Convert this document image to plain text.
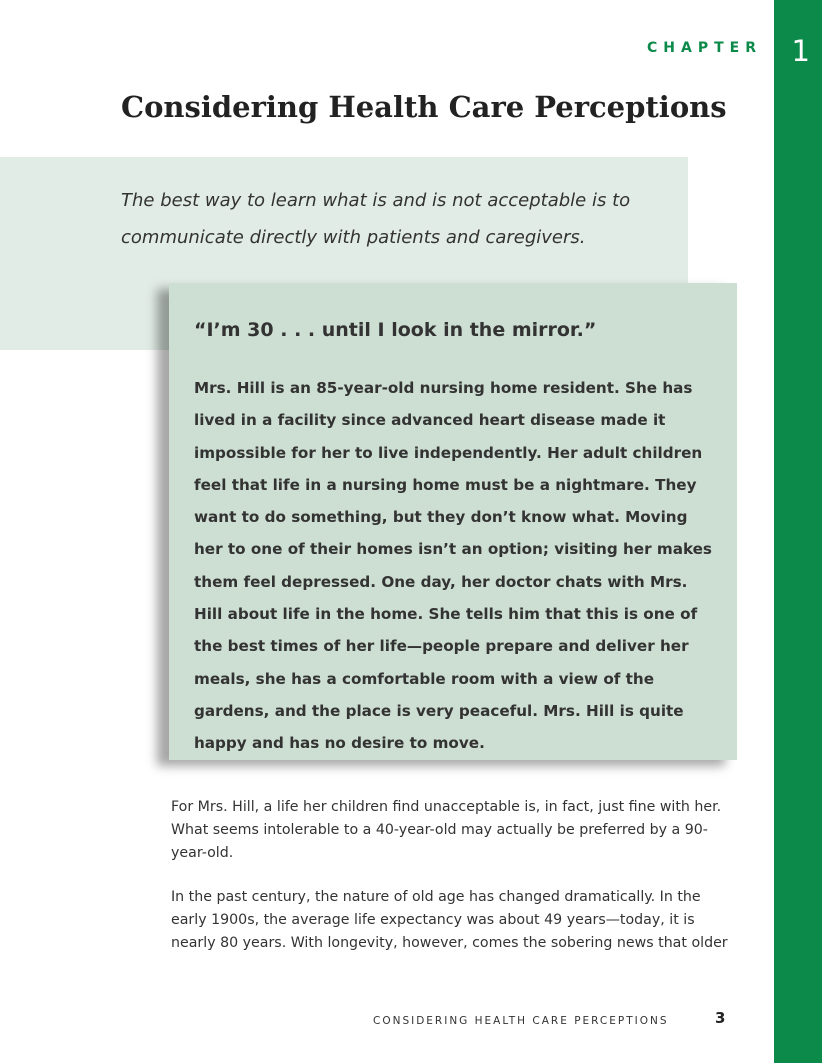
1
CHAPTER
Considering Health Care Perceptions

The best way to learn what is and is not acceptable is to communicate directly with patients and caregivers.

“I’m 30 . . . until I look in the mirror.”

Mrs. Hill is an 85-year-old nursing home resident. She has lived in a facility since advanced heart disease made it impossible for her to live independently. Her adult children feel that life in a nursing home must be a nightmare. They want to do something, but they don’t know what. Moving her to one of their homes isn’t an option; visiting her makes them feel depressed. One day, her doctor chats with Mrs. Hill about life in the home. She tells him that this is one of the best times of her life—people prepare and deliver her meals, she has a comfortable room with a view of the gardens, and the place is very peaceful. Mrs. Hill is quite happy and has no desire to move.

For Mrs. Hill, a life her children find unacceptable is, in fact, just fine with her. What seems intolerable to a 40-year-old may actually be preferred by a 90-year-old.

In the past century, the nature of old age has changed dramatically. In the early 1900s, the average life expectancy was about 49 years—today, it is nearly 80 years. With longevity, however, comes the sobering news that older

CONSIDERING HEALTH CARE PERCEPTIONS	3
